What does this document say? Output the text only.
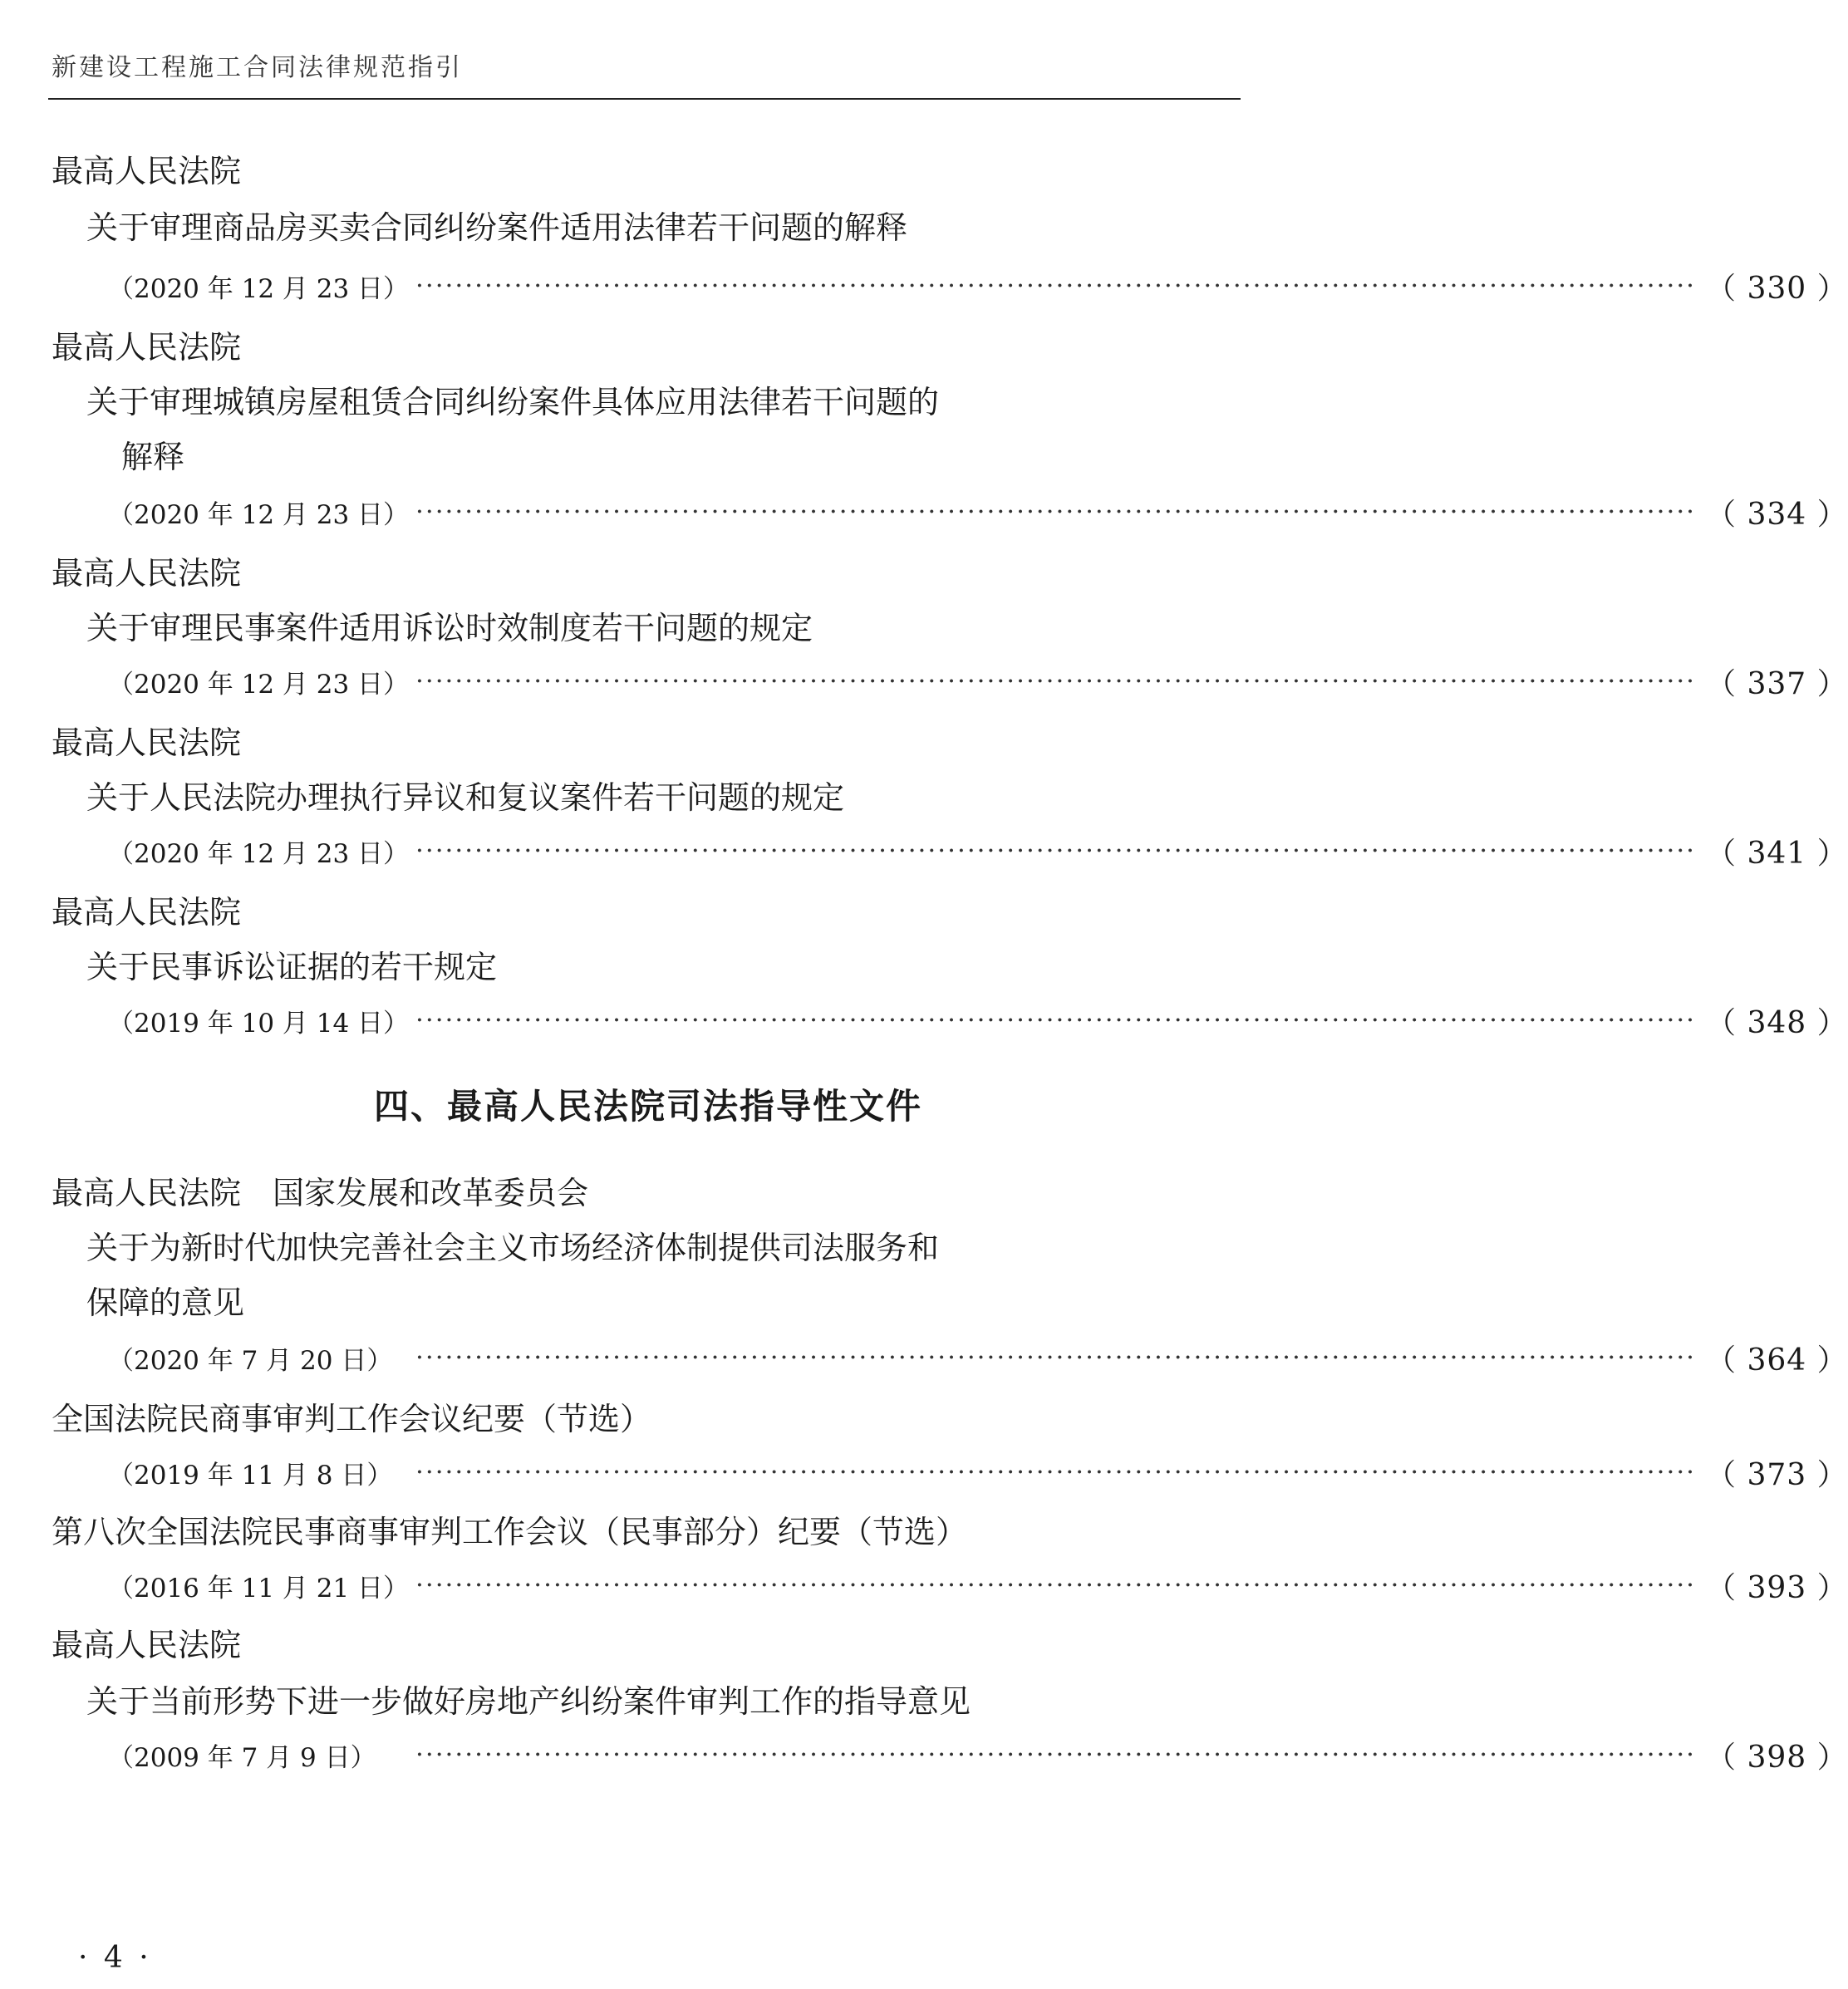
新建设工程施工合同法律规范指引
最高人民法院
关于审理商品房买卖合同纠纷案件适用法律若干问题的解释
（2020 年 12 月 23 日） ·································································································································· （ 330 ）
最高人民法院
关于审理城镇房屋租赁合同纠纷案件具体应用法律若干问题的
解释
（2020 年 12 月 23 日） ·································································································································· （ 334 ）
最高人民法院
关于审理民事案件适用诉讼时效制度若干问题的规定
（2020 年 12 月 23 日） ·································································································································· （ 337 ）
最高人民法院
关于人民法院办理执行异议和复议案件若干问题的规定
（2020 年 12 月 23 日） ·································································································································· （ 341 ）
最高人民法院
关于民事诉讼证据的若干规定
（2019 年 10 月 14 日） ·································································································································· （ 348 ）
四、最高人民法院司法指导性文件
最高人民法院　国家发展和改革委员会
关于为新时代加快完善社会主义市场经济体制提供司法服务和
保障的意见
（2020 年 7 月 20 日） ·································································································································· （ 364 ）
全国法院民商事审判工作会议纪要（节选）
（2019 年 11 月 8 日） ·································································································································· （ 373 ）
第八次全国法院民事商事审判工作会议（民事部分）纪要（节选）
（2016 年 11 月 21 日） ·································································································································· （ 393 ）
最高人民法院
关于当前形势下进一步做好房地产纠纷案件审判工作的指导意见
（2009 年 7 月 9 日）	·································································································································· （ 398 ）
· 4 ·
